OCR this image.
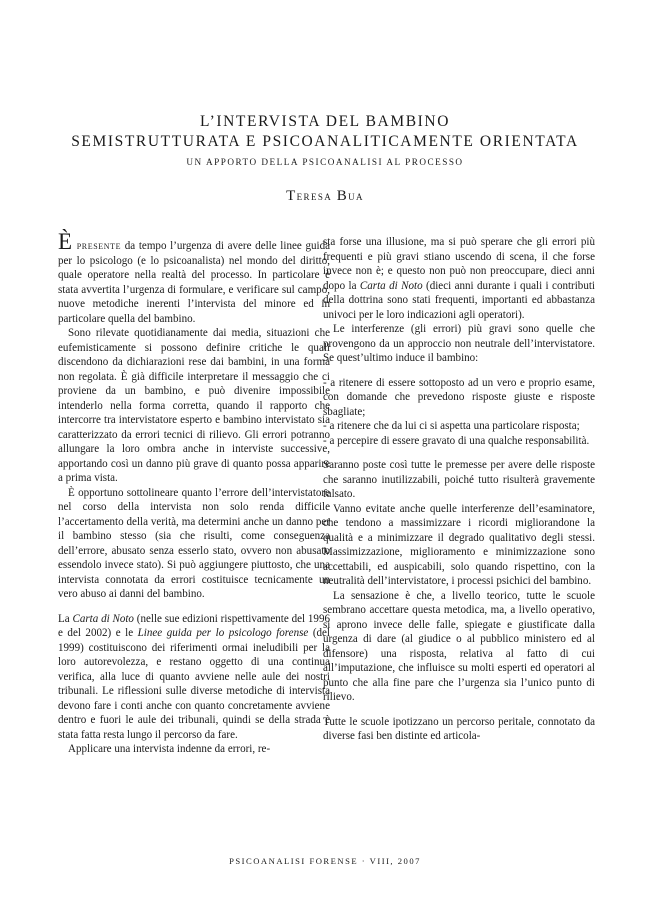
L’INTERVISTA DEL BAMBINO
SEMISTRUTTURATA E PSICOANALITICAMENTE ORIENTATA
UN APPORTO DELLA PSICOANALISI AL PROCESSO
Teresa Bua

È presente da tempo l’urgenza di avere delle linee guida per lo psicologo (e lo psicoanalista) nel mondo del diritto, quale operatore nella realtà del processo. In particolare è stata avvertita l’urgenza di formulare, e verificare sul campo, nuove metodiche inerenti l’intervista del minore ed in particolare quella del bambino.

Sono rilevate quotidianamente dai media, situazioni che eufemisticamente si possono definire critiche le quali discendono da dichiarazioni rese dai bambini, in una forma non regolata. È già difficile interpretare il messaggio che ci proviene da un bambino, e può divenire impossibile intenderlo nella forma corretta, quando il rapporto che intercorre tra intervistatore esperto e bambino intervistato sia caratterizzato da errori tecnici di rilievo. Gli errori potranno allungare la loro ombra anche in interviste successive, apportando così un danno più grave di quanto possa apparire a prima vista.

È opportuno sottolineare quanto l’errore dell’intervistatore nel corso della intervista non solo renda difficile l’accertamento della verità, ma determini anche un danno per il bambino stesso (sia che risulti, come conseguenza dell’errore, abusato senza esserlo stato, ovvero non abusato essendolo invece stato). Si può aggiungere piuttosto, che una intervista connotata da errori costituisce tecnicamente un vero abuso ai danni del bambino.

La Carta di Noto (nelle sue edizioni rispettivamente del 1996 e del 2002) e le Linee guida per lo psicologo forense (del 1999) costituiscono dei riferimenti ormai ineludibili per la loro autorevolezza, e restano oggetto di una continua verifica, alla luce di quanto avviene nelle aule dei nostri tribunali. Le riflessioni sulle diverse metodiche di intervista devono fare i conti anche con quanto concretamente avviene dentro e fuori le aule dei tribunali, quindi se della strada è stata fatta resta lungo il percorso da fare.

Applicare una intervista indenne da errori, re-

sta forse una illusione, ma si può sperare che gli errori più frequenti e più gravi stiano uscendo di scena, il che forse invece non è; e questo non può non preoccupare, dieci anni dopo la Carta di Noto (dieci anni durante i quali i contributi della dottrina sono stati frequenti, importanti ed abbastanza univoci per le loro indicazioni agli operatori).

Le interferenze (gli errori) più gravi sono quelle che provengono da un approccio non neutrale dell’intervistatore. Se quest’ultimo induce il bambino:

- a ritenere di essere sottoposto ad un vero e proprio esame, con domande che prevedono risposte giuste e risposte sbagliate;
- a ritenere che da lui ci si aspetta una particolare risposta;
- a percepire di essere gravato di una qualche responsabilità.

Saranno poste così tutte le premesse per avere delle risposte che saranno inutilizzabili, poiché tutto risulterà gravemente falsato.

Vanno evitate anche quelle interferenze dell’esaminatore, che tendono a massimizzare i ricordi migliorandone la qualità e a minimizzare il degrado qualitativo degli stessi. Massimizzazione, miglioramento e minimizzazione sono accettabili, ed auspicabili, solo quando rispettino, con la neutralità dell’intervistatore, i processi psichici del bambino.

La sensazione è che, a livello teorico, tutte le scuole sembrano accettare questa metodica, ma, a livello operativo, si aprono invece delle falle, spiegate e giustificate dalla urgenza di dare (al giudice o al pubblico ministero ed al difensore) una risposta, relativa al fatto di cui all’imputazione, che influisce su molti esperti ed operatori al punto che alla fine pare che l’urgenza sia l’unico punto di rilievo.

Tutte le scuole ipotizzano un percorso peritale, connotato da diverse fasi ben distinte ed articola-

PSICOANALISI FORENSE · VIII, 2007
